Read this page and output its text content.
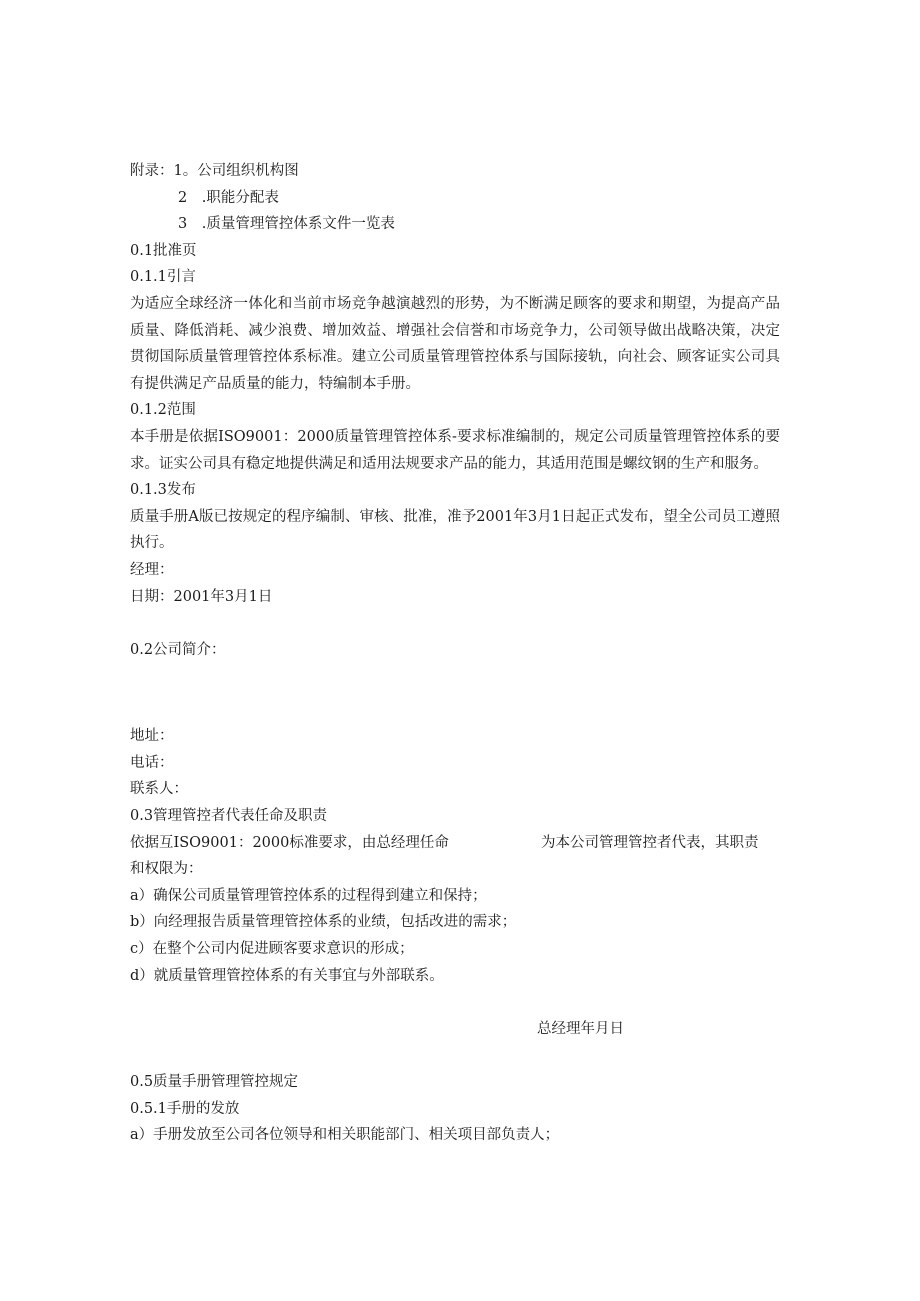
附录：1。公司组织机构图
2　.职能分配表
3　.质量管理管控体系文件一览表
0.1批准页
0.1.1引言
为适应全球经济一体化和当前市场竞争越演越烈的形势，为不断满足顾客的要求和期望，为提高产品质量、降低消耗、减少浪费、增加效益、增强社会信誉和市场竞争力，公司领导做出战略决策，决定贯彻国际质量管理管控体系标准。建立公司质量管理管控体系与国际接轨，向社会、顾客证实公司具有提供满足产品质量的能力，特编制本手册。
0.1.2范围
本手册是依据ISO9001：2000质量管理管控体系-要求标准编制的，规定公司质量管理管控体系的要求。证实公司具有稳定地提供满足和适用法规要求产品的能力，其适用范围是螺纹钢的生产和服务。
0.1.3发布
质量手册A版已按规定的程序编制、审核、批准，准予2001年3月1日起正式发布，望全公司员工遵照执行。
经理：
日期：2001年3月1日
0.2公司简介：
地址：
电话：
联系人：
0.3管理管控者代表任命及职责
依据互ISO9001：2000标准要求，由总经理任命	为本公司管理管控者代表，其职责
和权限为：
a）确保公司质量管理管控体系的过程得到建立和保持；
b）向经理报告质量管理管控体系的业绩，包括改进的需求；
c）在整个公司内促进顾客要求意识的形成；
d）就质量管理管控体系的有关事宜与外部联系。
总经理年月日
0.5质量手册管理管控规定
0.5.1手册的发放
a）手册发放至公司各位领导和相关职能部门、相关项目部负责人；
